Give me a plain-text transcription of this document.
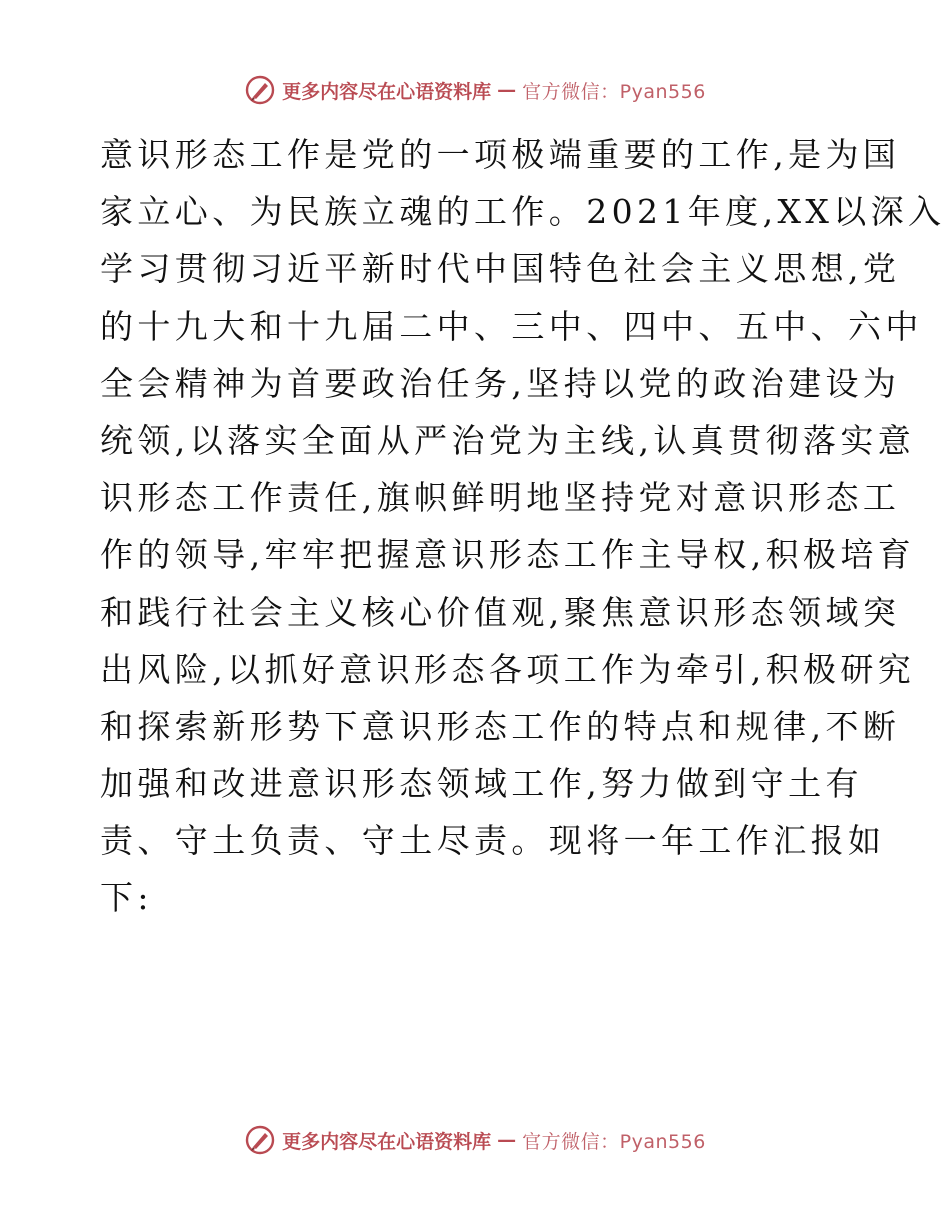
更多内容尽在心语资料库 — 官方微信：Pyan556
意识形态工作是党的一项极端重要的工作,是为国
家立心、为民族立魂的工作。2021年度,XX以深入
学习贯彻习近平新时代中国特色社会主义思想,党
的十九大和十九届二中、三中、四中、五中、六中
全会精神为首要政治任务,坚持以党的政治建设为
统领,以落实全面从严治党为主线,认真贯彻落实意
识形态工作责任,旗帜鲜明地坚持党对意识形态工
作的领导,牢牢把握意识形态工作主导权,积极培育
和践行社会主义核心价值观,聚焦意识形态领域突
出风险,以抓好意识形态各项工作为牵引,积极研究
和探索新形势下意识形态工作的特点和规律,不断
加强和改进意识形态领域工作,努力做到守土有
责、守土负责、守土尽责。现将一年工作汇报如
下:
更多内容尽在心语资料库 — 官方微信：Pyan556
